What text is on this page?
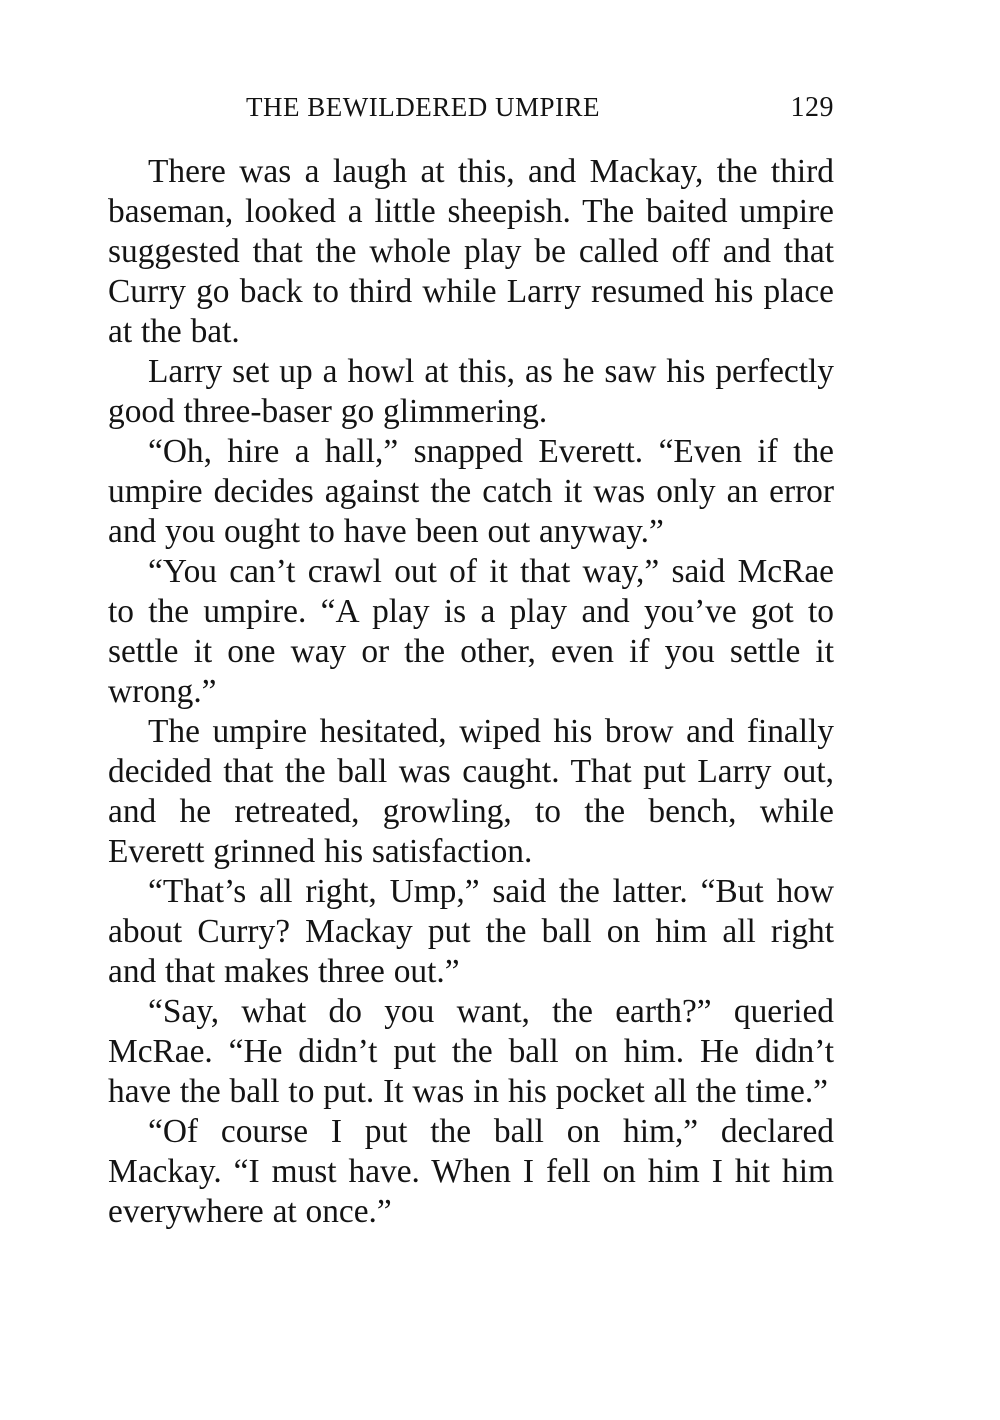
THE BEWILDERED UMPIRE	129

There was a laugh at this, and Mackay, the third baseman, looked a little sheepish. The baited umpire suggested that the whole play be called off and that Curry go back to third while Larry resumed his place at the bat.

Larry set up a howl at this, as he saw his perfectly good three-baser go glimmering.

“Oh, hire a hall,” snapped Everett. “Even if the umpire decides against the catch it was only an error and you ought to have been out anyway.”

“You can’t crawl out of it that way,” said McRae to the umpire. “A play is a play and you’ve got to settle it one way or the other, even if you settle it wrong.”

The umpire hesitated, wiped his brow and finally decided that the ball was caught. That put Larry out, and he retreated, growling, to the bench, while Everett grinned his satisfaction.

“That’s all right, Ump,” said the latter. “But how about Curry? Mackay put the ball on him all right and that makes three out.”

“Say, what do you want, the earth?” queried McRae. “He didn’t put the ball on him. He didn’t have the ball to put. It was in his pocket all the time.”

“Of course I put the ball on him,” declared Mackay. “I must have. When I fell on him I hit him everywhere at once.”
